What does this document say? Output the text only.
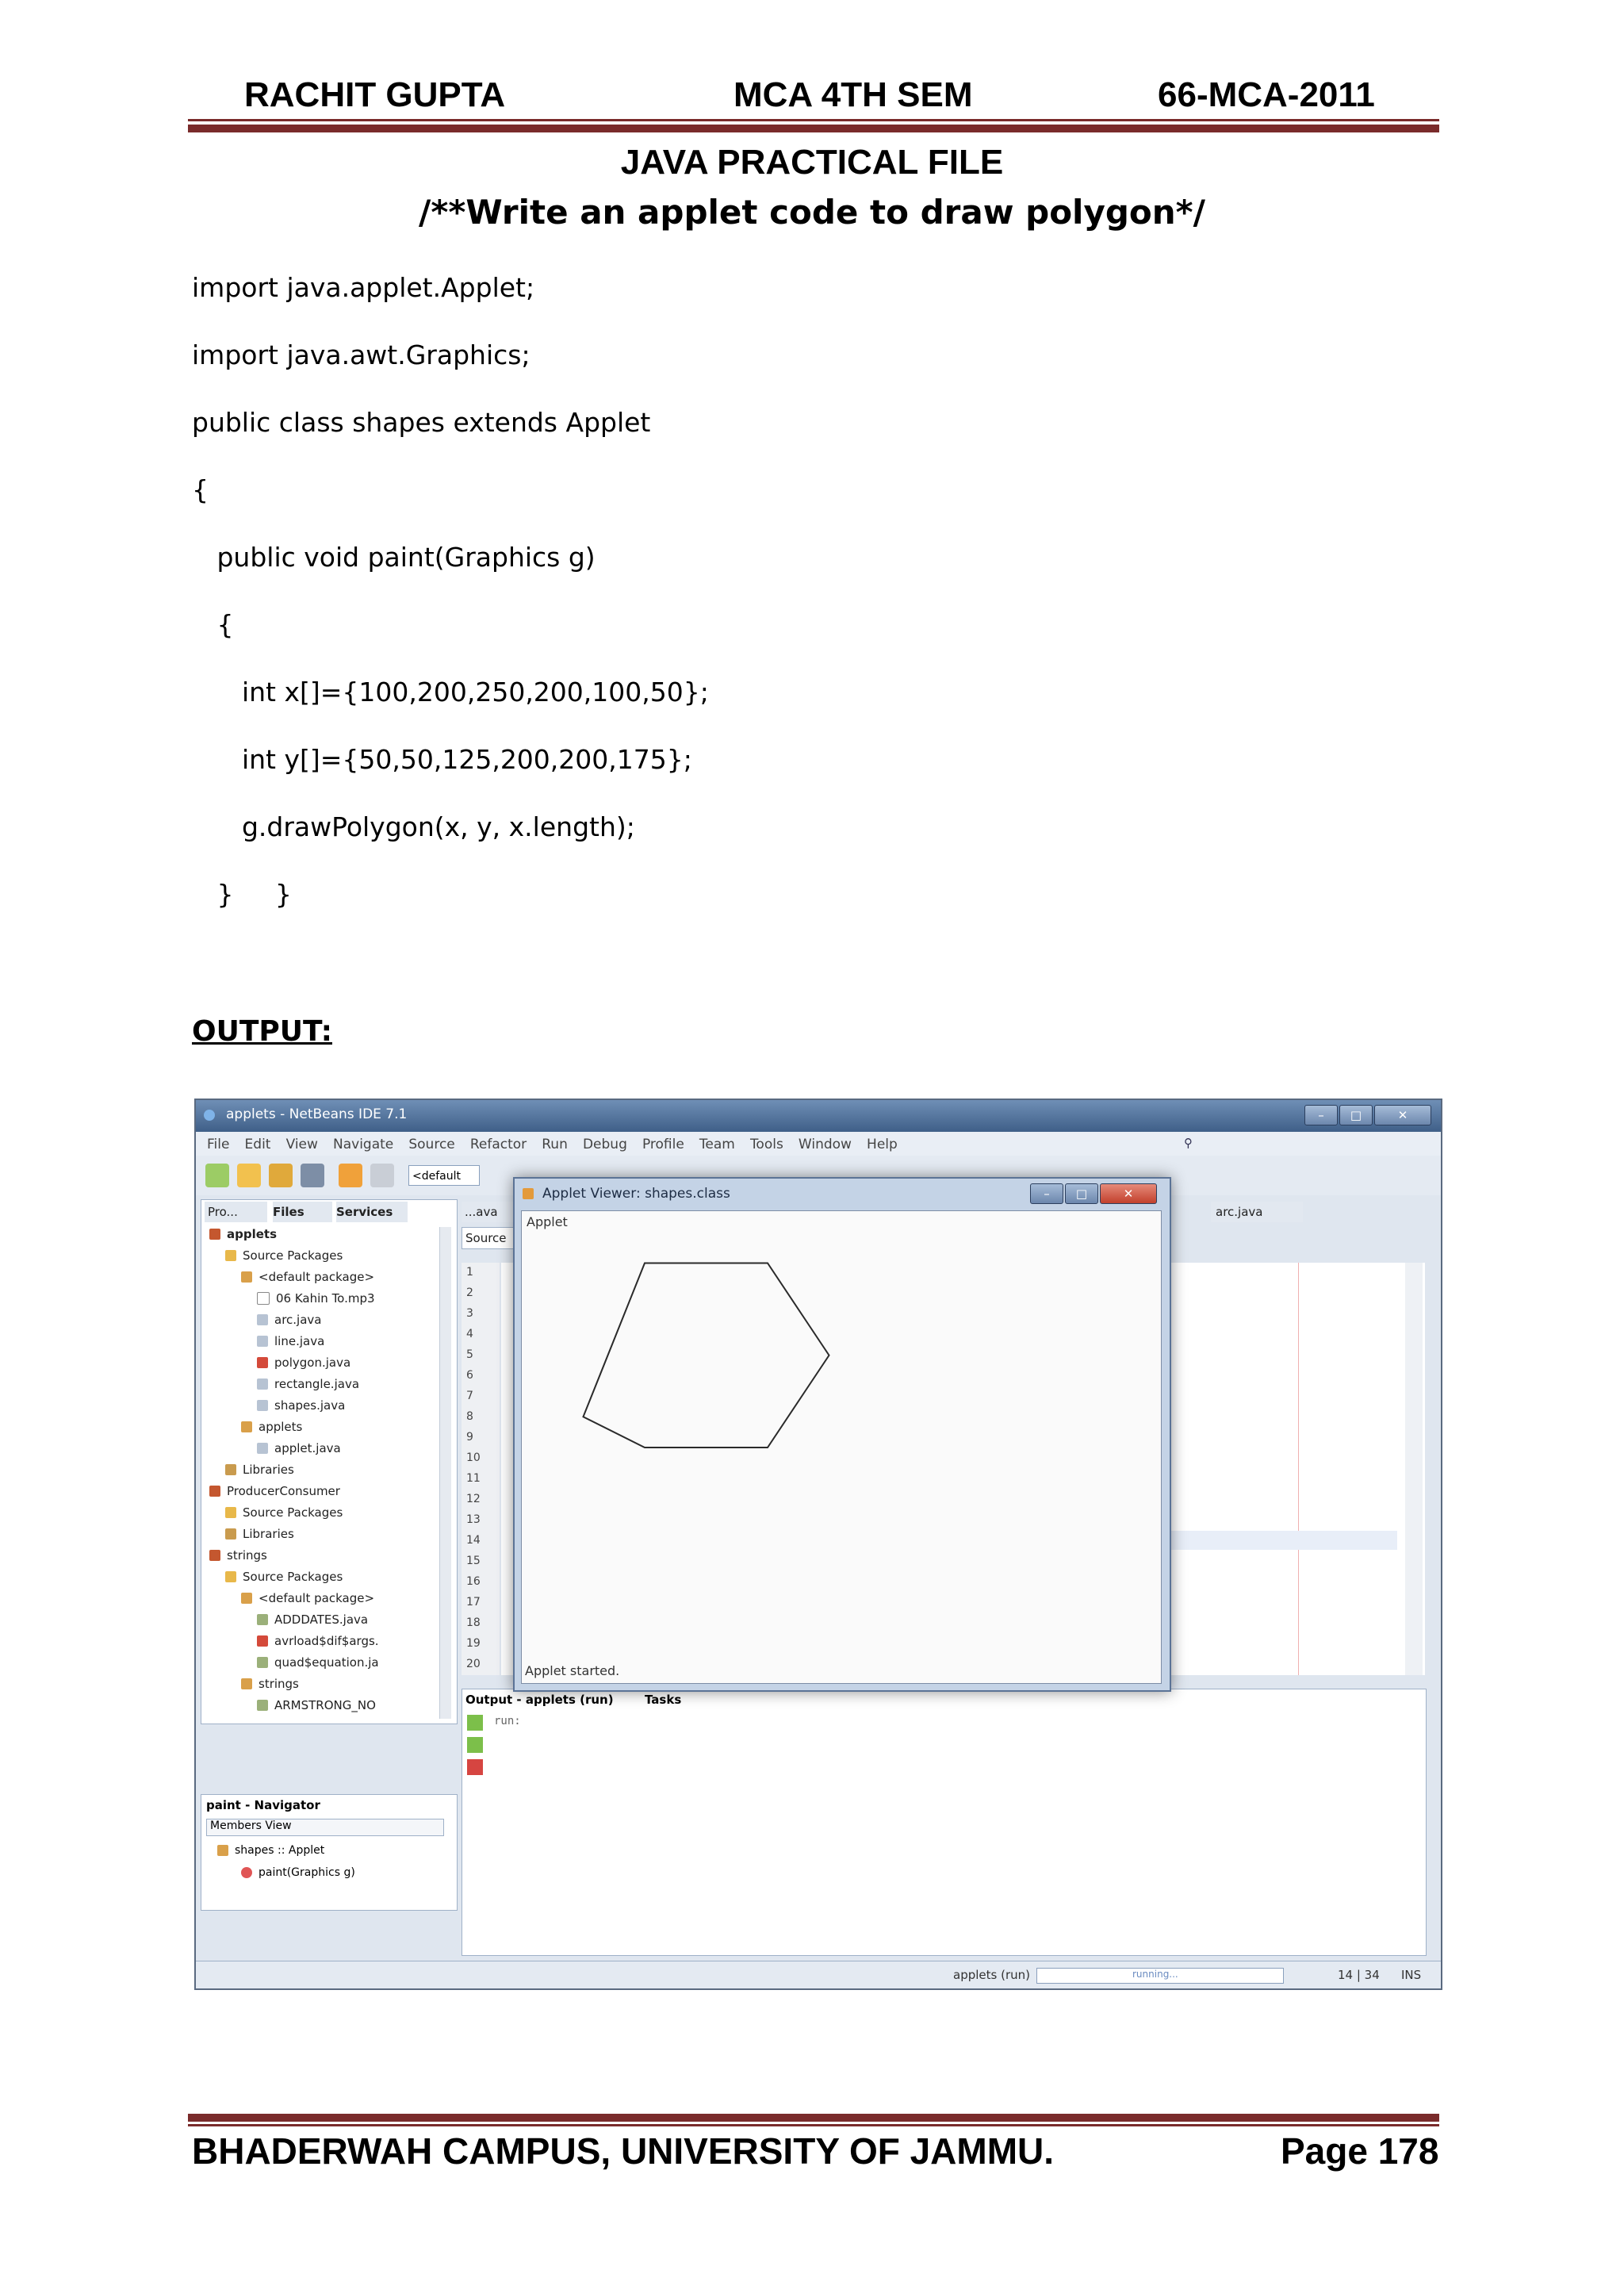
RACHIT GUPTA	MCA 4TH SEM	66-MCA-2011
JAVA PRACTICAL FILE
/**Write an applet code to draw polygon*/
import java.applet.Applet;
import java.awt.Graphics;
public class shapes extends Applet
{
public void paint(Graphics g)
{
int x[]={100,200,250,200,100,50};
int y[]={50,50,125,200,200,175};
g.drawPolygon(x, y, x.length);
}     }
OUTPUT:
applets - NetBeans IDE 7.1	–	□	✕
File Edit View Navigate Source Refactor Run Debug Profile Team Tools Window Help	⚲
<default
Pro...	Files	Services
applets
Source Packages
<default package>
06 Kahin To.mp3
arc.java
line.java
polygon.java
rectangle.java
shapes.java
applets
applet.java
Libraries
ProducerConsumer
Source Packages
Libraries
strings
Source Packages
<default package>
ADDDATES.java
avrload$dif$args.
quad$equation.ja
strings
ARMSTRONG_NO
paint - Navigator
Members View
shapes :: Applet
paint(Graphics g)
...ava
Source
arc.java
1
2
3
4
5
6
7
8
9
10
11
12
13
14
15
16
17
18
19
20
Output - applets (run)	Tasks
run:
Applet Viewer: shapes.class	–	□	✕
Applet
Applet started.
applets (run)	running...	14 | 34 INS
BHADERWAH CAMPUS, UNIVERSITY OF JAMMU.	Page 178
